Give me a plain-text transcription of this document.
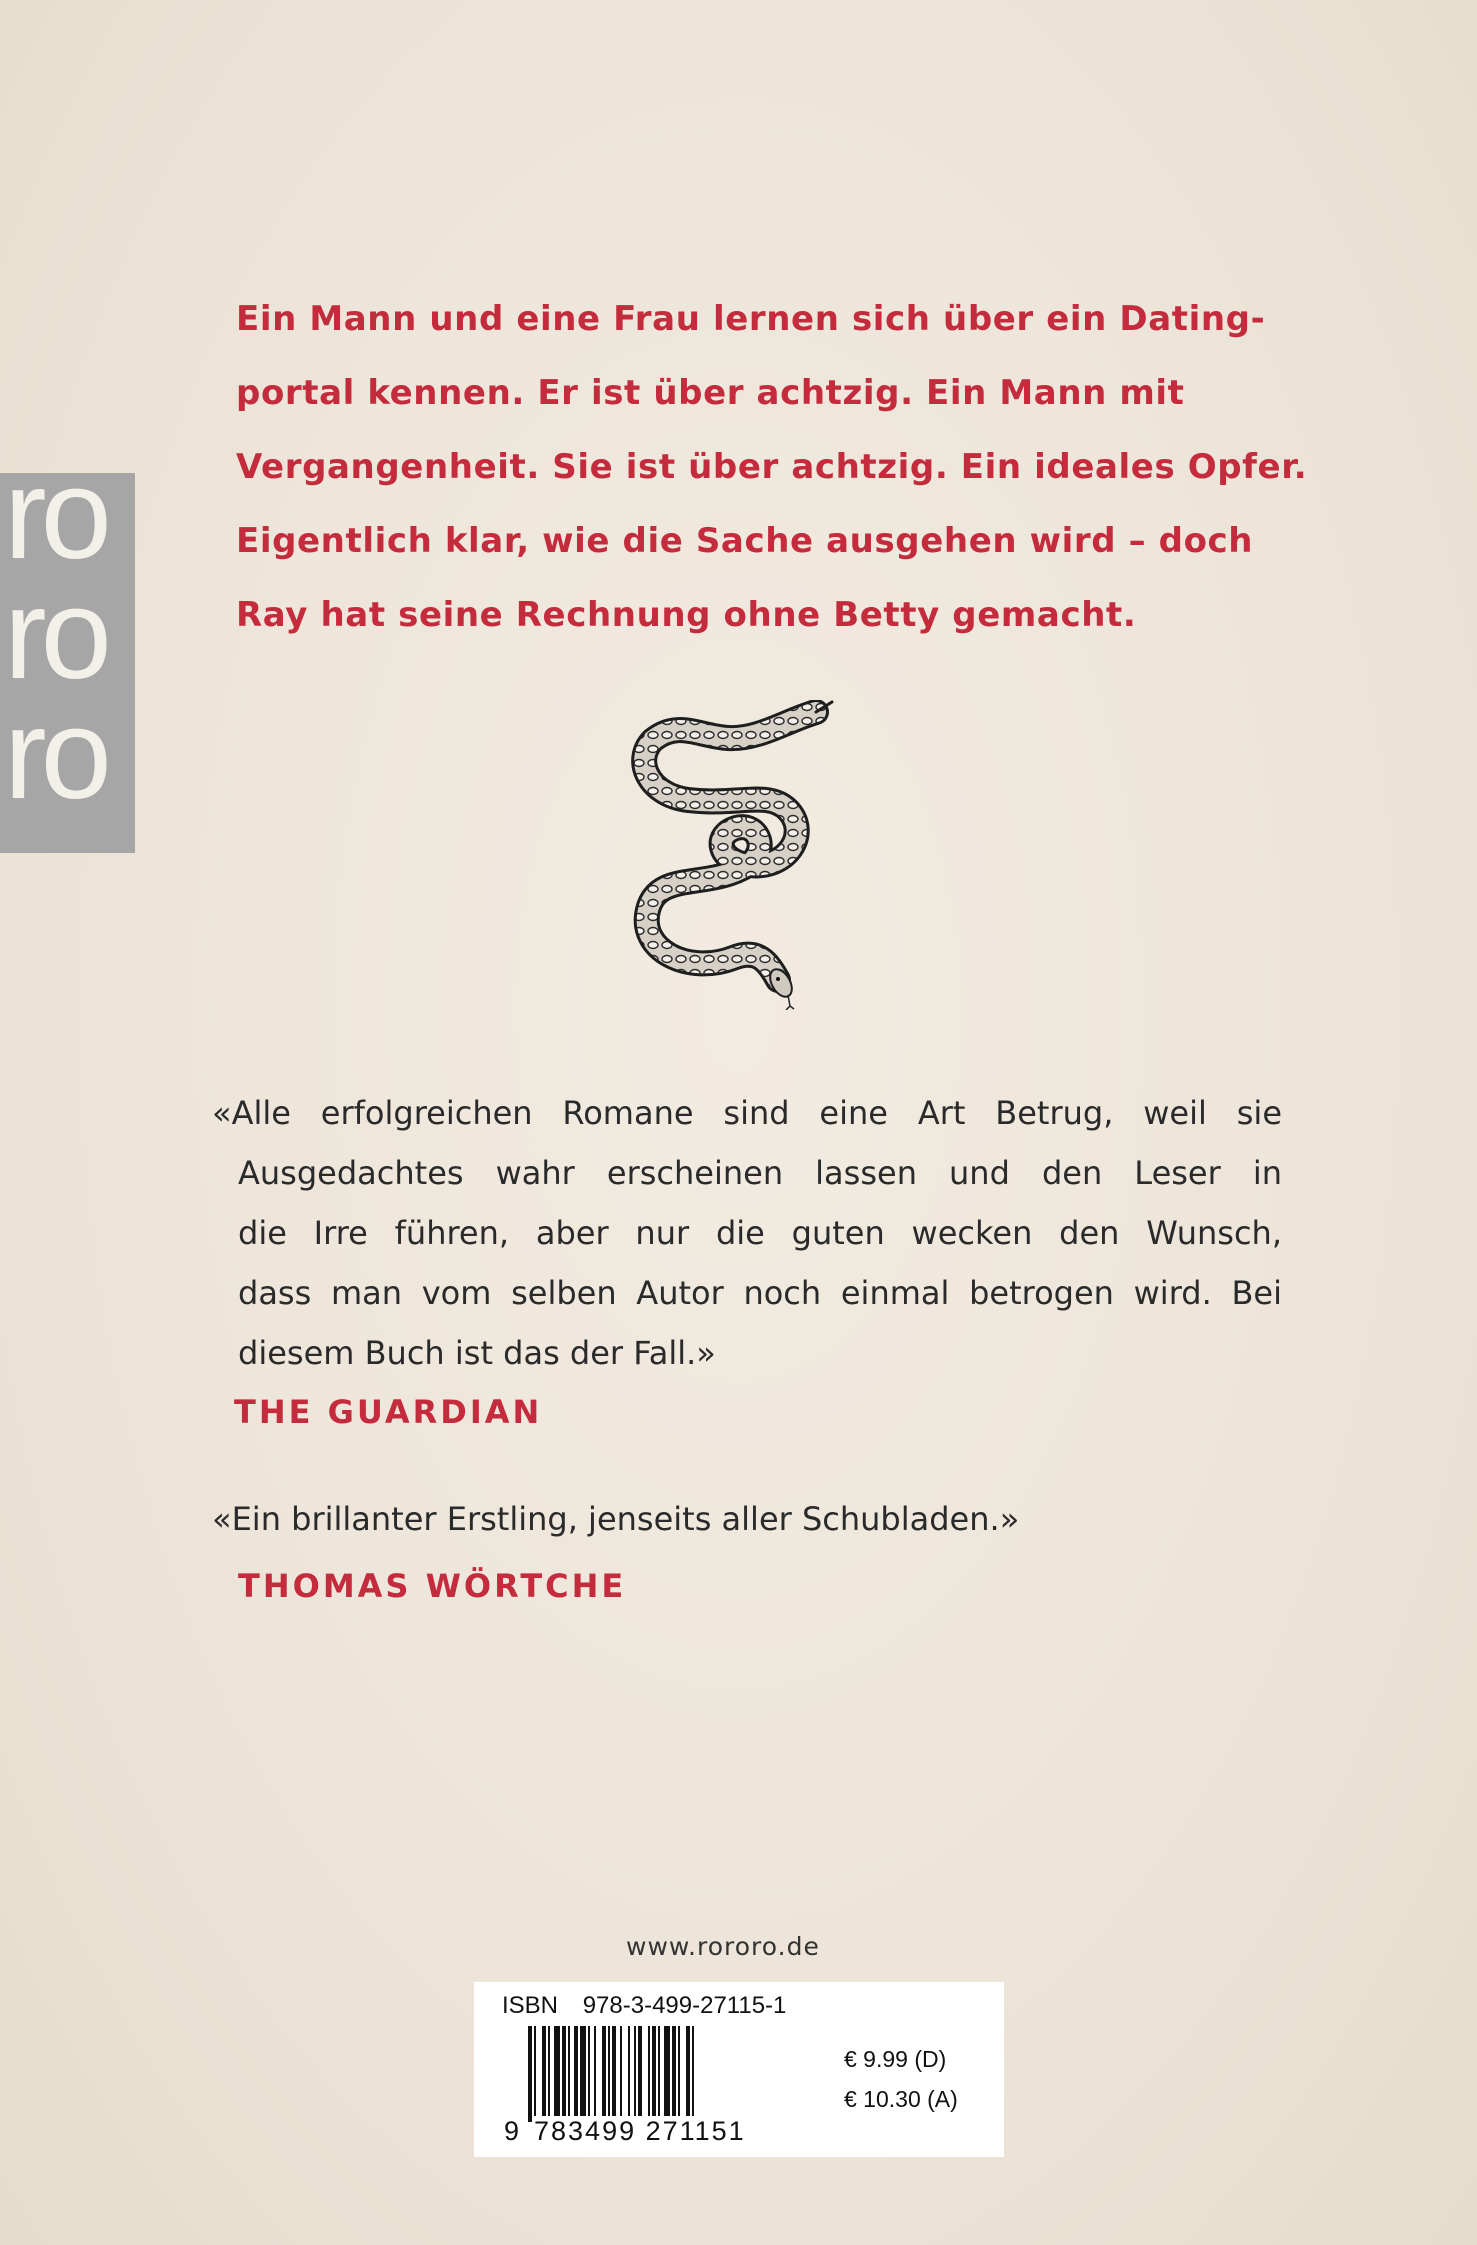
ro
ro
ro
Ein Mann und eine Frau lernen sich über ein Dating-
portal kennen. Er ist über achtzig. Ein Mann mit
Vergangenheit. Sie ist über achtzig. Ein ideales Opfer.
Eigentlich klar, wie die Sache ausgehen wird – doch
Ray hat seine Rechnung ohne Betty gemacht.
«Alle erfolgreichen Romane sind eine Art Betrug, weil sie
Ausgedachtes wahr erscheinen lassen und den Leser in
die Irre führen, aber nur die guten wecken den Wunsch,
dass man vom selben Autor noch einmal betrogen wird. Bei
diesem Buch ist das der Fall.»
THE GUARDIAN
«Ein brillanter Erstling, jenseits aller Schubladen.»
THOMAS WÖRTCHE
www.rororo.de
ISBN 978-3-499-27115-1
9 783499 271151
€ 9.99 (D)
€ 10.30 (A)
